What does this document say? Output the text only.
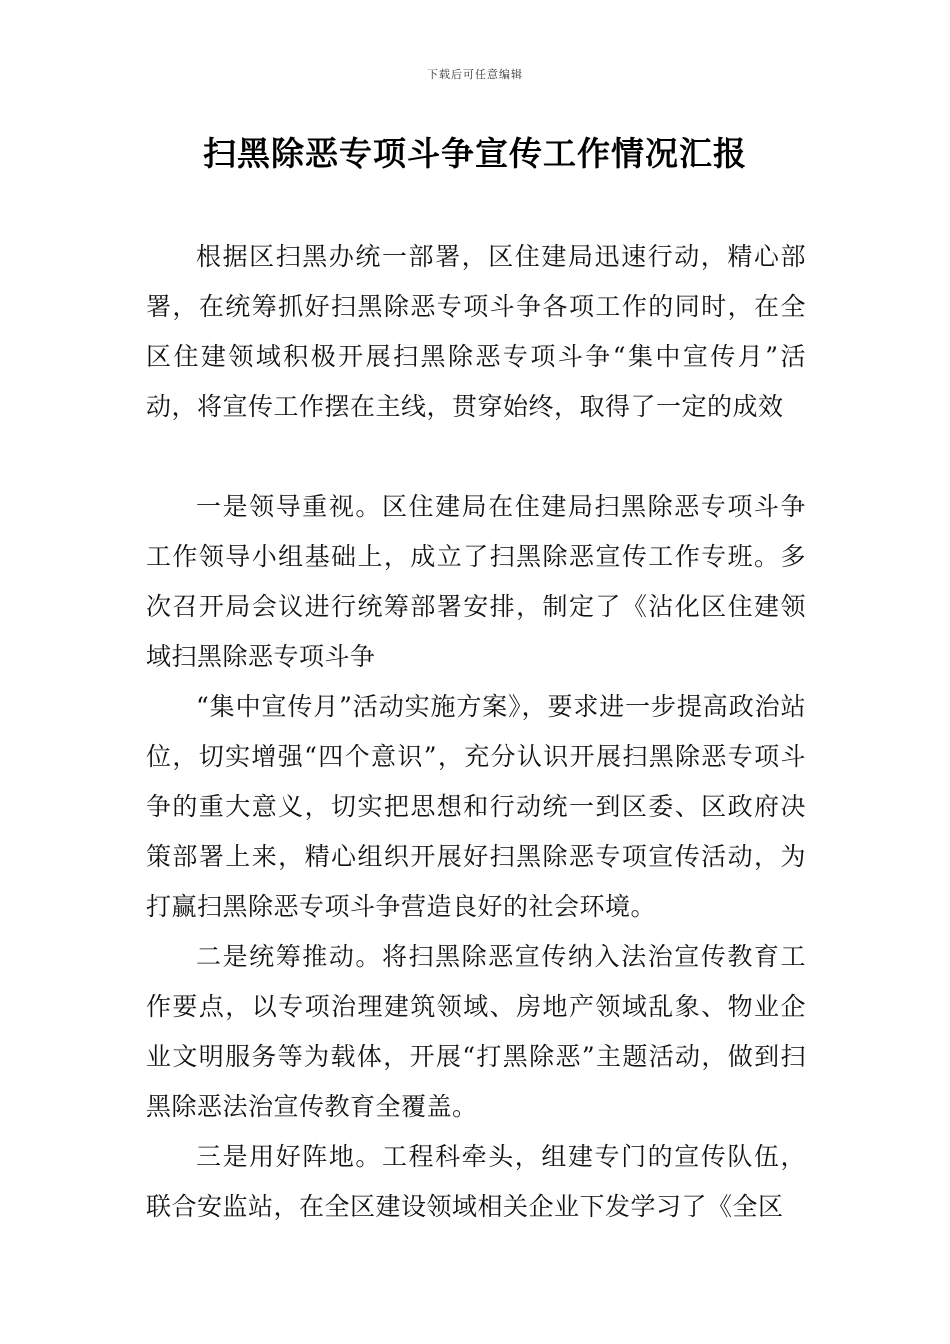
下载后可任意编辑
扫黑除恶专项斗争宣传工作情况汇报

根据区扫黑办统一部署，区住建局迅速行动，精心部署，在统筹抓好扫黑除恶专项斗争各项工作的同时，在全区住建领域积极开展扫黑除恶专项斗争“集中宣传月”活动，将宣传工作摆在主线，贯穿始终，取得了一定的成效

一是领导重视。区住建局在住建局扫黑除恶专项斗争工作领导小组基础上，成立了扫黑除恶宣传工作专班。多次召开局会议进行统筹部署安排，制定了《沾化区住建领域扫黑除恶专项斗争

“集中宣传月”活动实施方案》，要求进一步提高政治站位，切实增强“四个意识”，充分认识开展扫黑除恶专项斗争的重大意义，切实把思想和行动统一到区委、区政府决策部署上来，精心组织开展好扫黑除恶专项宣传活动，为打赢扫黑除恶专项斗争营造良好的社会环境。

二是统筹推动。将扫黑除恶宣传纳入法治宣传教育工作要点，以专项治理建筑领域、房地产领域乱象、物业企业文明服务等为载体，开展“打黑除恶”主题活动，做到扫黑除恶法治宣传教育全覆盖。

三是用好阵地。工程科牵头，组建专门的宣传队伍，联合安监站，在全区建设领域相关企业下发学习了《全区
